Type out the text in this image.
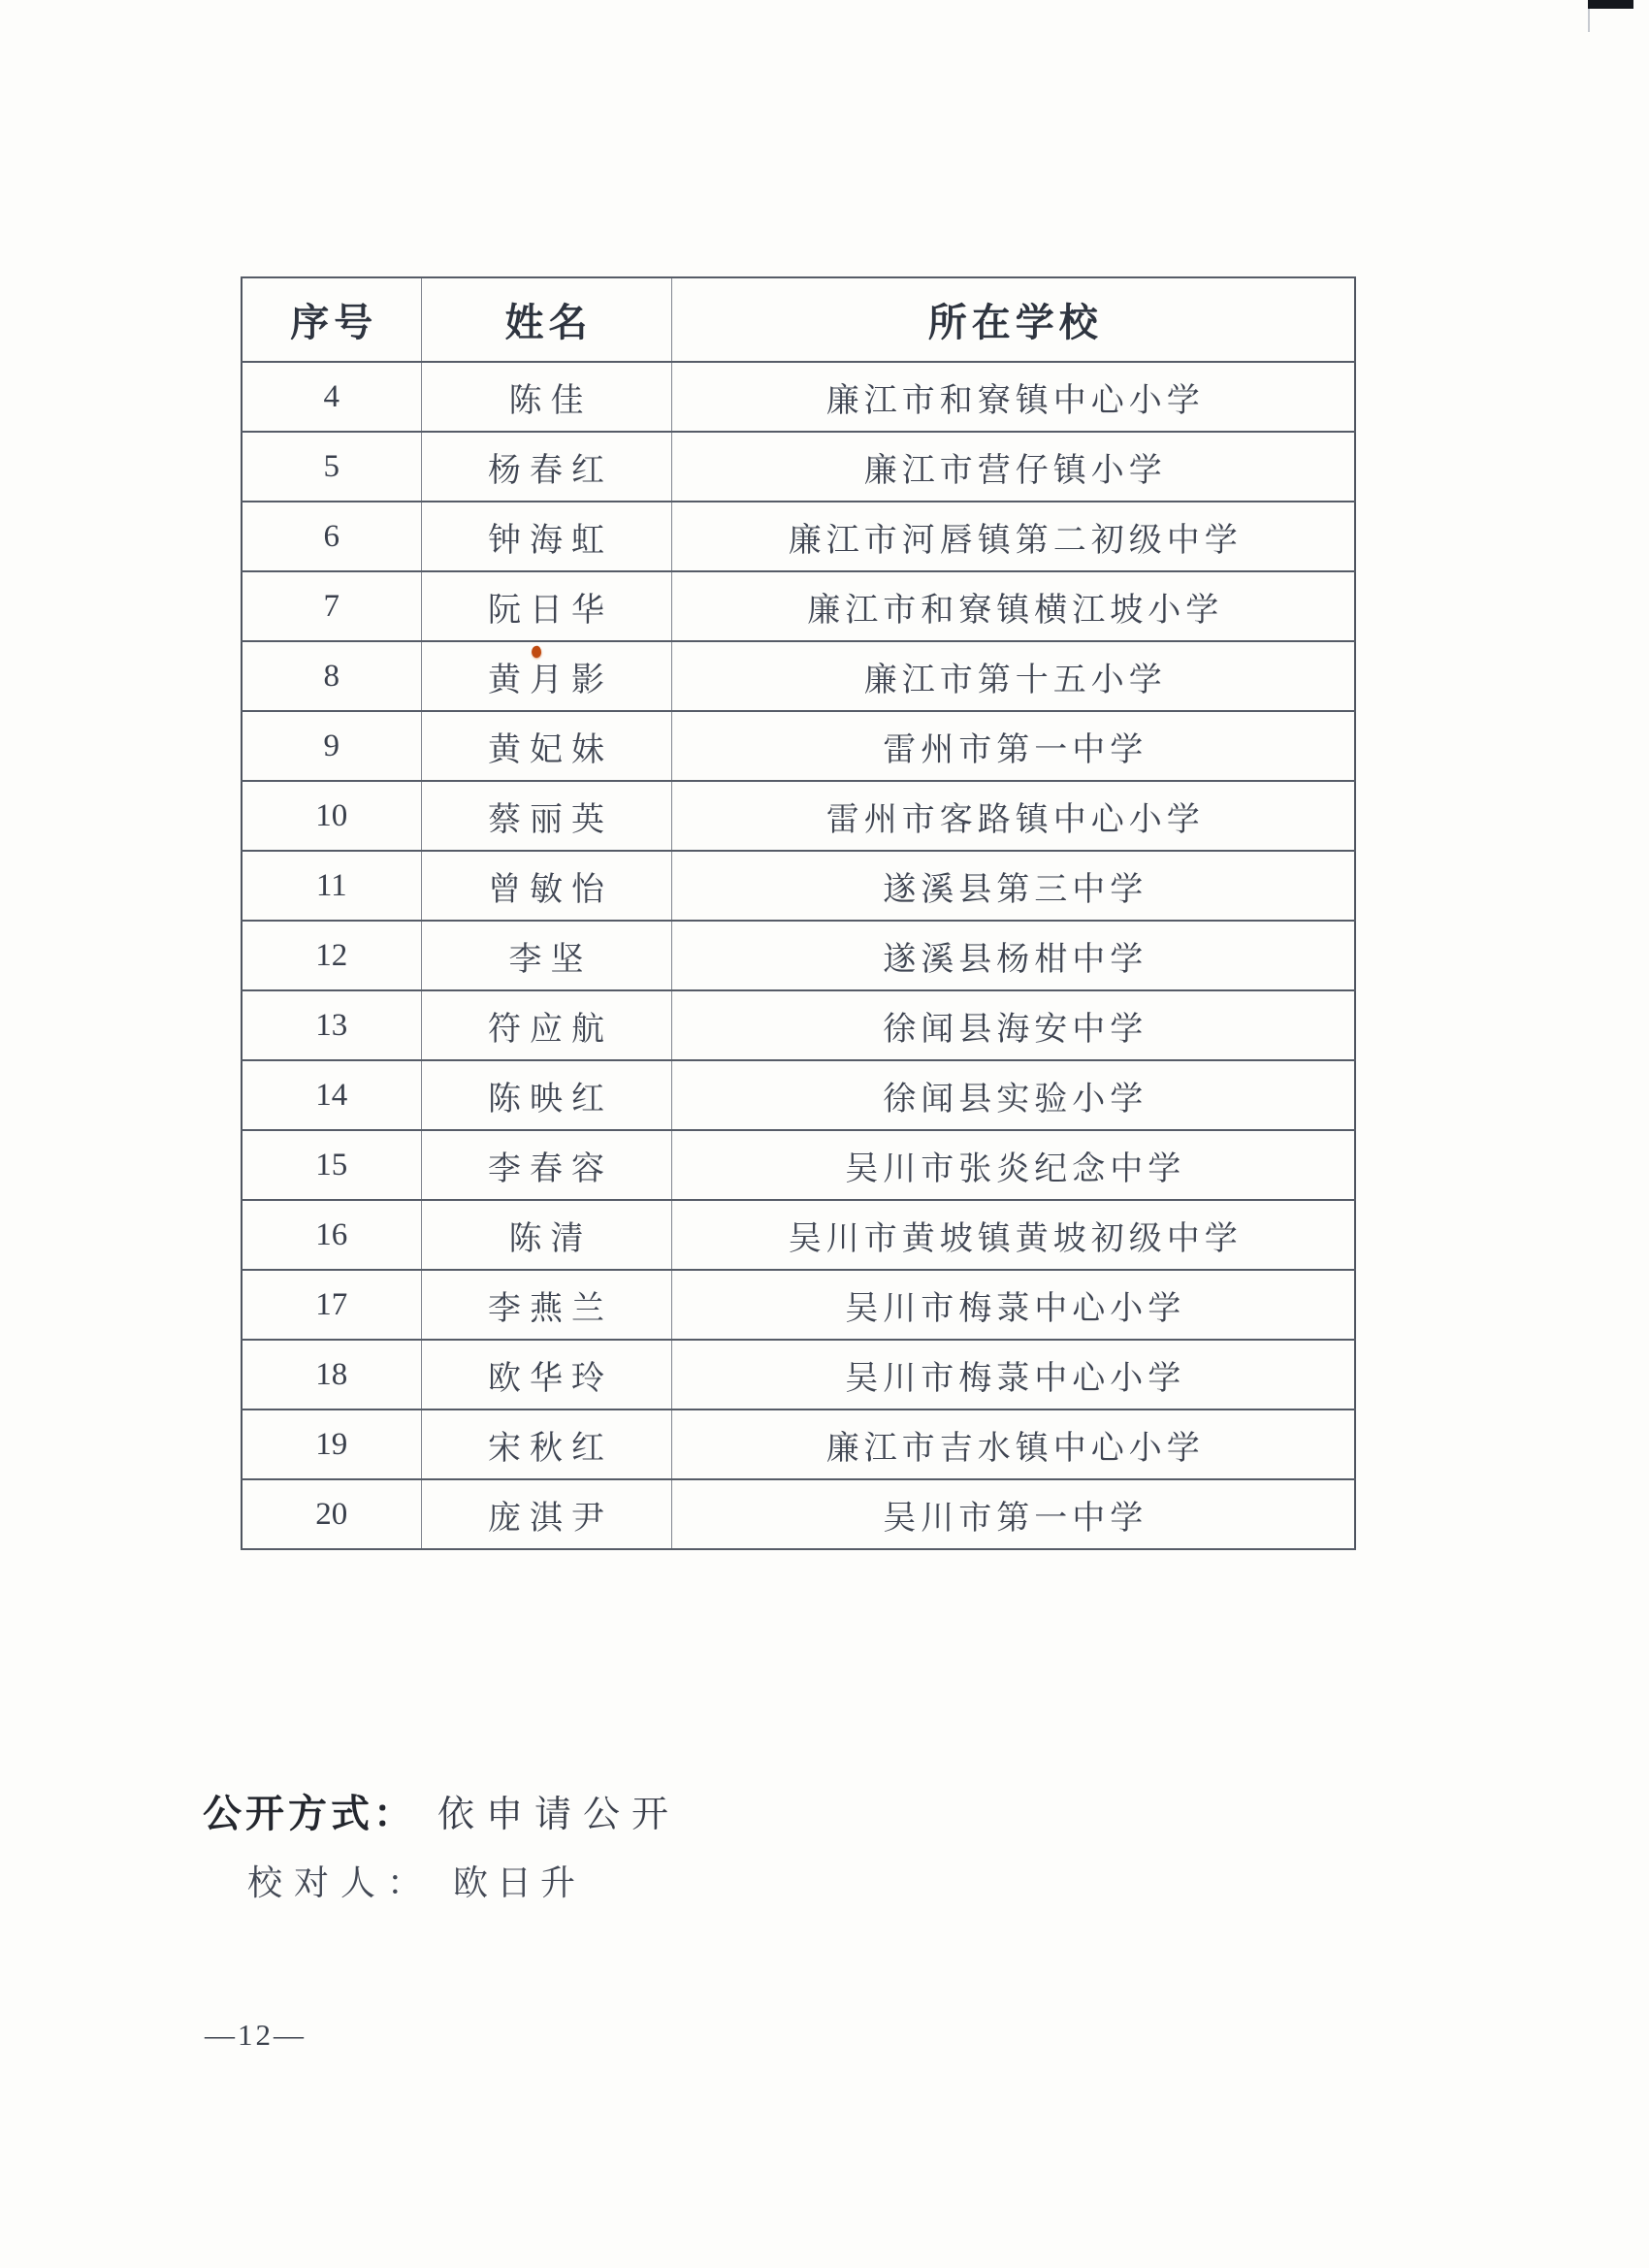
序号	姓名	所在学校
4	陈佳	廉江市和寮镇中心小学
5	杨春红	廉江市营仔镇小学
6	钟海虹	廉江市河唇镇第二初级中学
7	阮日华	廉江市和寮镇横江坡小学
8	黄月影	廉江市第十五小学
9	黄妃妹	雷州市第一中学
10	蔡丽英	雷州市客路镇中心小学
11	曾敏怡	遂溪县第三中学
12	李坚	遂溪县杨柑中学
13	符应航	徐闻县海安中学
14	陈映红	徐闻县实验小学
15	李春容	吴川市张炎纪念中学
16	陈清	吴川市黄坡镇黄坡初级中学
17	李燕兰	吴川市梅菉中心小学
18	欧华玲	吴川市梅菉中心小学
19	宋秋红	廉江市吉水镇中心小学
20	庞淇尹	吴川市第一中学
公开方式： 依申请公开
校对人： 欧日升
—12—
